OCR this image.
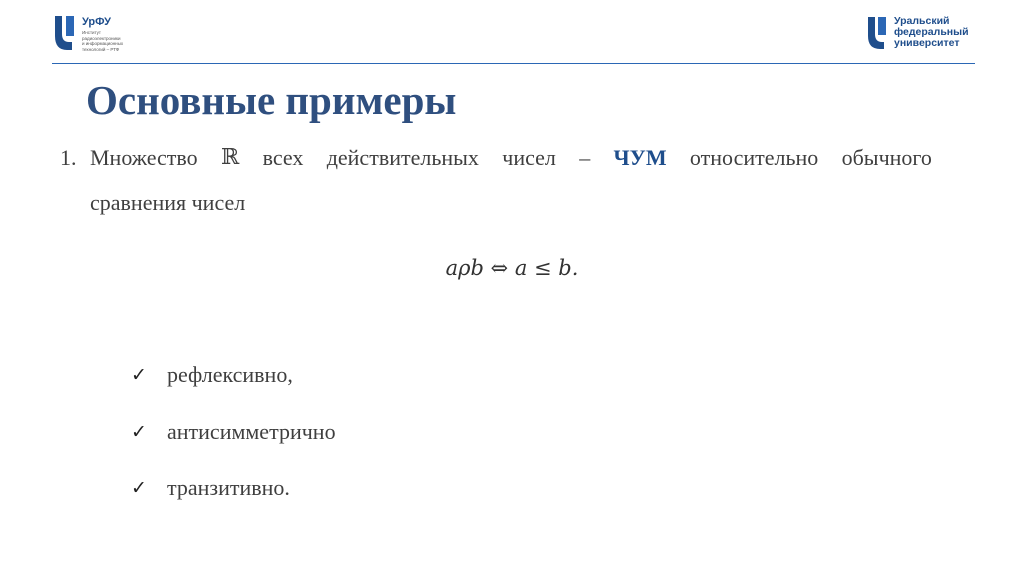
УрФУ
Институт
радиоэлектроники
и информационных
технологий – РТФ
Уральский
федеральный
университет
Основные примеры
1. Множество ℝ всех действительных чисел – ЧУМ относительно обычного
сравнения чисел
aρb ⇔ a ≤ b.
✓ рефлексивно,
✓ антисимметрично
✓ транзитивно.
